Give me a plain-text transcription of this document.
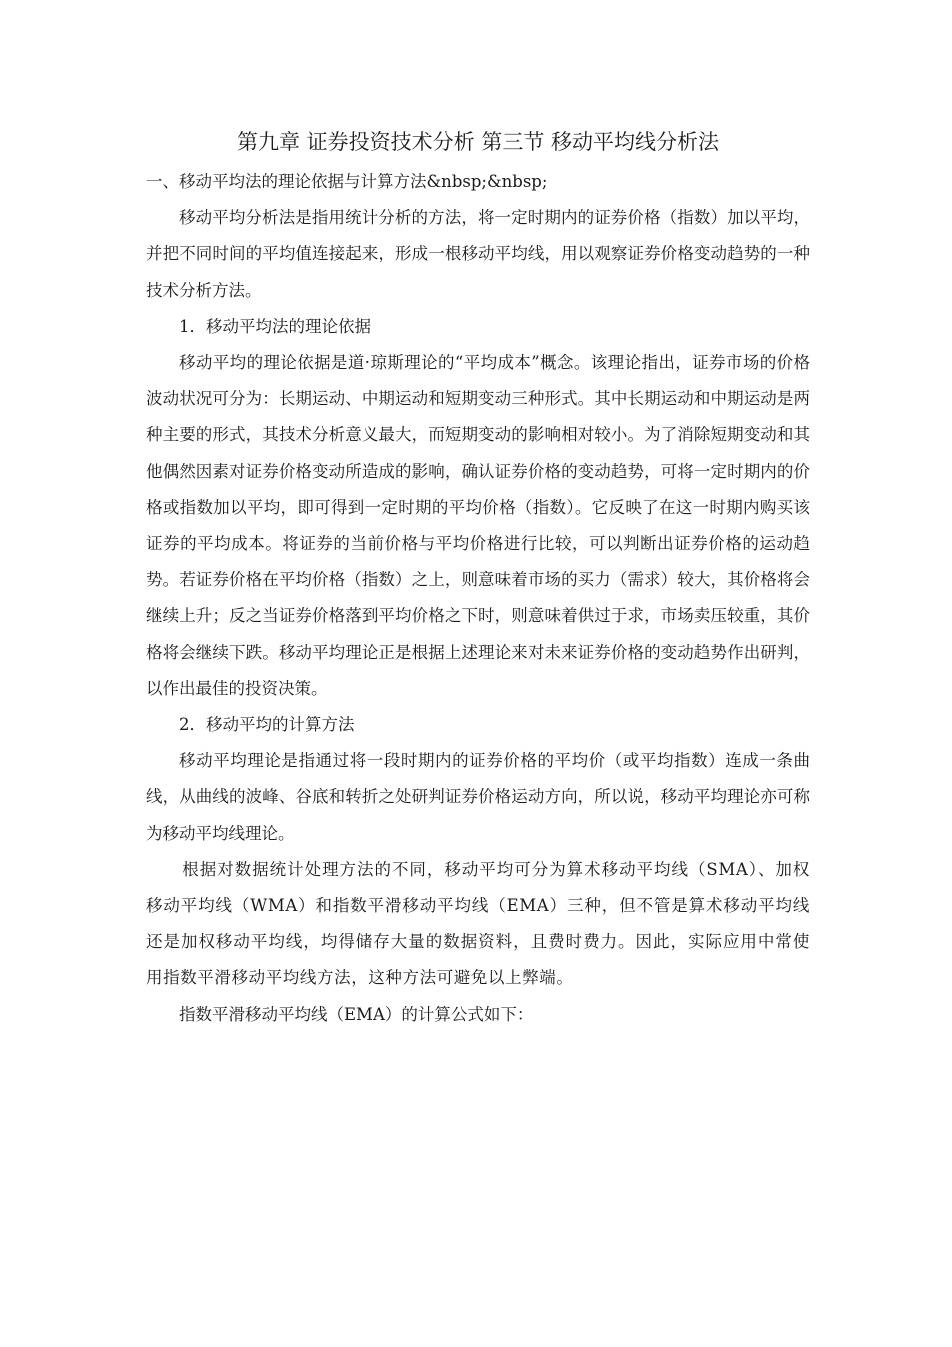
第九章 证券投资技术分析 第三节 移动平均线分析法

一、移动平均法的理论依据与计算方法&nbsp;&nbsp;

移动平均分析法是指用统计分析的方法，将一定时期内的证券价格（指数）加以平均，并把不同时间的平均值连接起来，形成一根移动平均线，用以观察证券价格变动趋势的一种技术分析方法。

1．移动平均法的理论依据

移动平均的理论依据是道·琼斯理论的“平均成本”概念。该理论指出，证券市场的价格波动状况可分为：长期运动、中期运动和短期变动三种形式。其中长期运动和中期运动是两种主要的形式，其技术分析意义最大，而短期变动的影响相对较小。为了消除短期变动和其他偶然因素对证券价格变动所造成的影响，确认证券价格的变动趋势，可将一定时期内的价格或指数加以平均，即可得到一定时期的平均价格（指数）。它反映了在这一时期内购买该证券的平均成本。将证券的当前价格与平均价格进行比较，可以判断出证券价格的运动趋势。若证券价格在平均价格（指数）之上，则意味着市场的买力（需求）较大，其价格将会继续上升；反之当证券价格落到平均价格之下时，则意味着供过于求，市场卖压较重，其价格将会继续下跌。移动平均理论正是根据上述理论来对未来证券价格的变动趋势作出研判，以作出最佳的投资决策。

2．移动平均的计算方法

移动平均理论是指通过将一段时期内的证券价格的平均价（或平均指数）连成一条曲线，从曲线的波峰、谷底和转折之处研判证券价格运动方向，所以说，移动平均理论亦可称为移动平均线理论。

根据对数据统计处理方法的不同，移动平均可分为算术移动平均线（SMA）、加权移动平均线（WMA）和指数平滑移动平均线（EMA）三种，但不管是算术移动平均线还是加权移动平均线，均得储存大量的数据资料，且费时费力。因此，实际应用中常使用指数平滑移动平均线方法，这种方法可避免以上弊端。

指数平滑移动平均线（EMA）的计算公式如下：
